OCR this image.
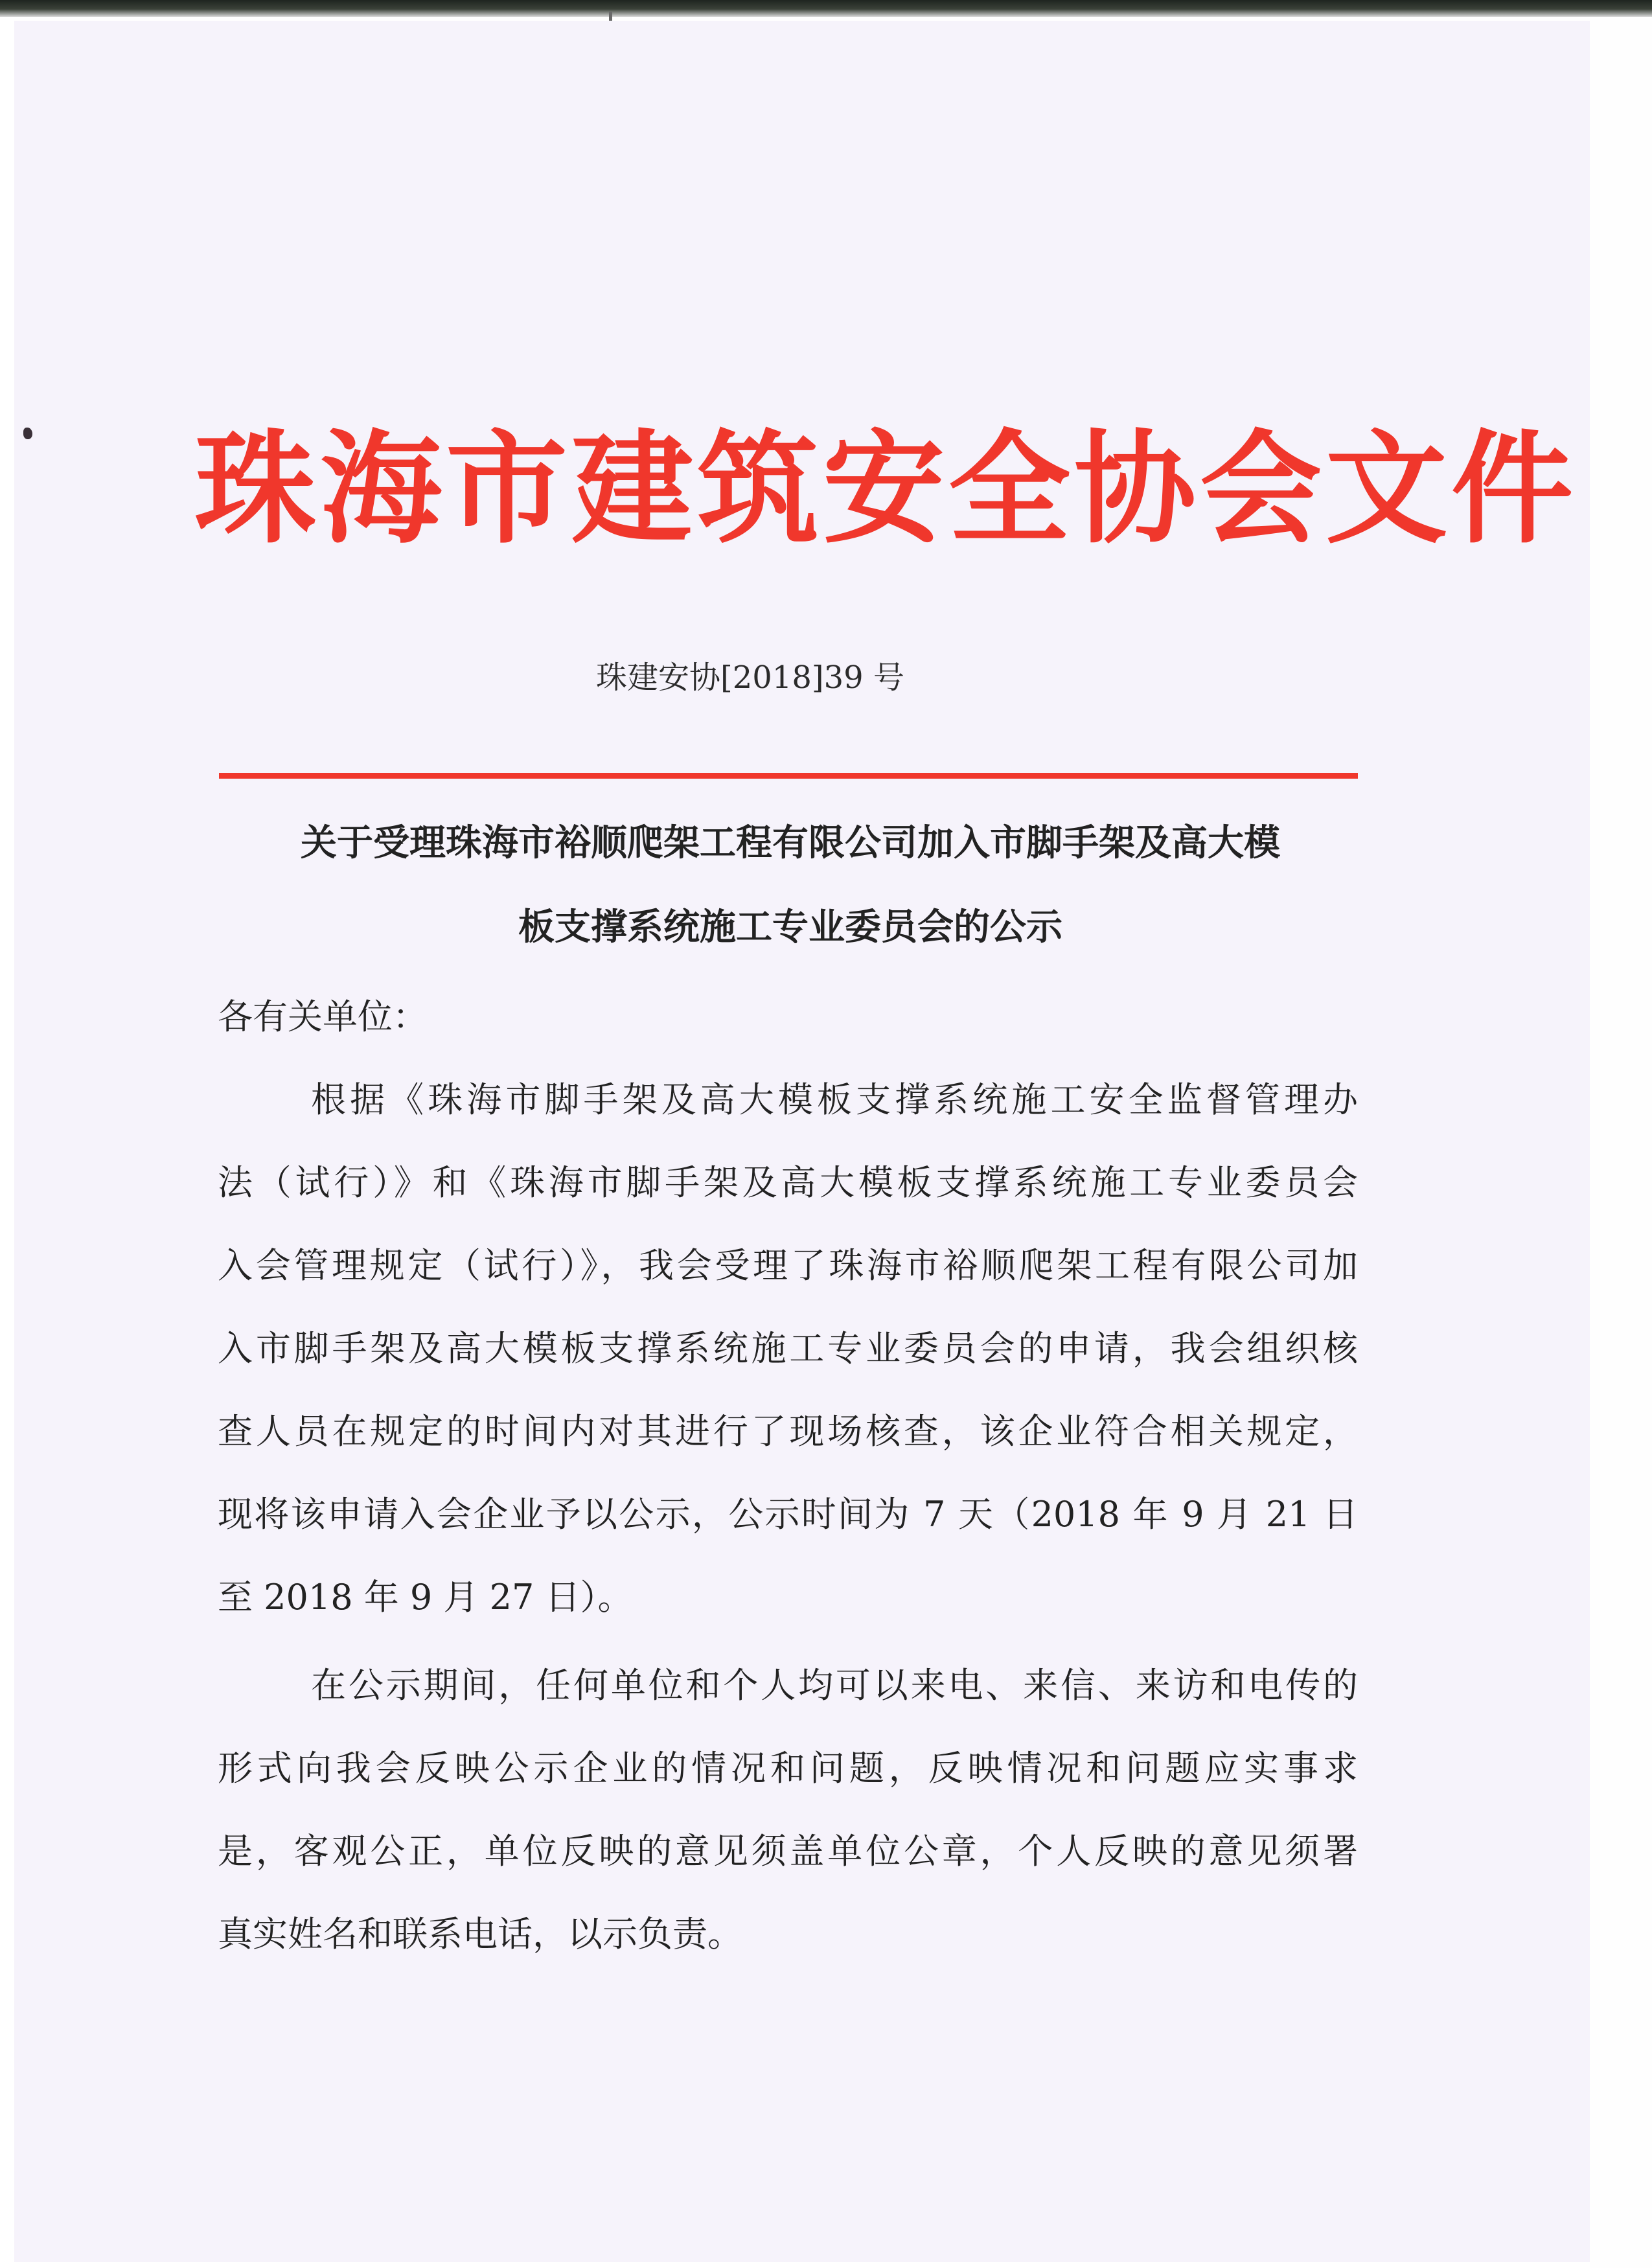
珠海市建筑安全协会文件
珠建安协[2018]39 号
关于受理珠海市裕顺爬架工程有限公司加入市脚手架及高大模
板支撑系统施工专业委员会的公示
各有关单位：
根据《珠海市脚手架及高大模板支撑系统施工安全监督管理办
法（试行）》和《珠海市脚手架及高大模板支撑系统施工专业委员会
入会管理规定（试行）》，我会受理了珠海市裕顺爬架工程有限公司加
入市脚手架及高大模板支撑系统施工专业委员会的申请，我会组织核
查人员在规定的时间内对其进行了现场核查，该企业符合相关规定，
现将该申请入会企业予以公示，公示时间为 7 天（2018 年 9 月 21 日
至 2018 年 9 月 27 日）。
在公示期间，任何单位和个人均可以来电、来信、来访和电传的
形式向我会反映公示企业的情况和问题，反映情况和问题应实事求
是，客观公正，单位反映的意见须盖单位公章，个人反映的意见须署
真实姓名和联系电话，以示负责。
